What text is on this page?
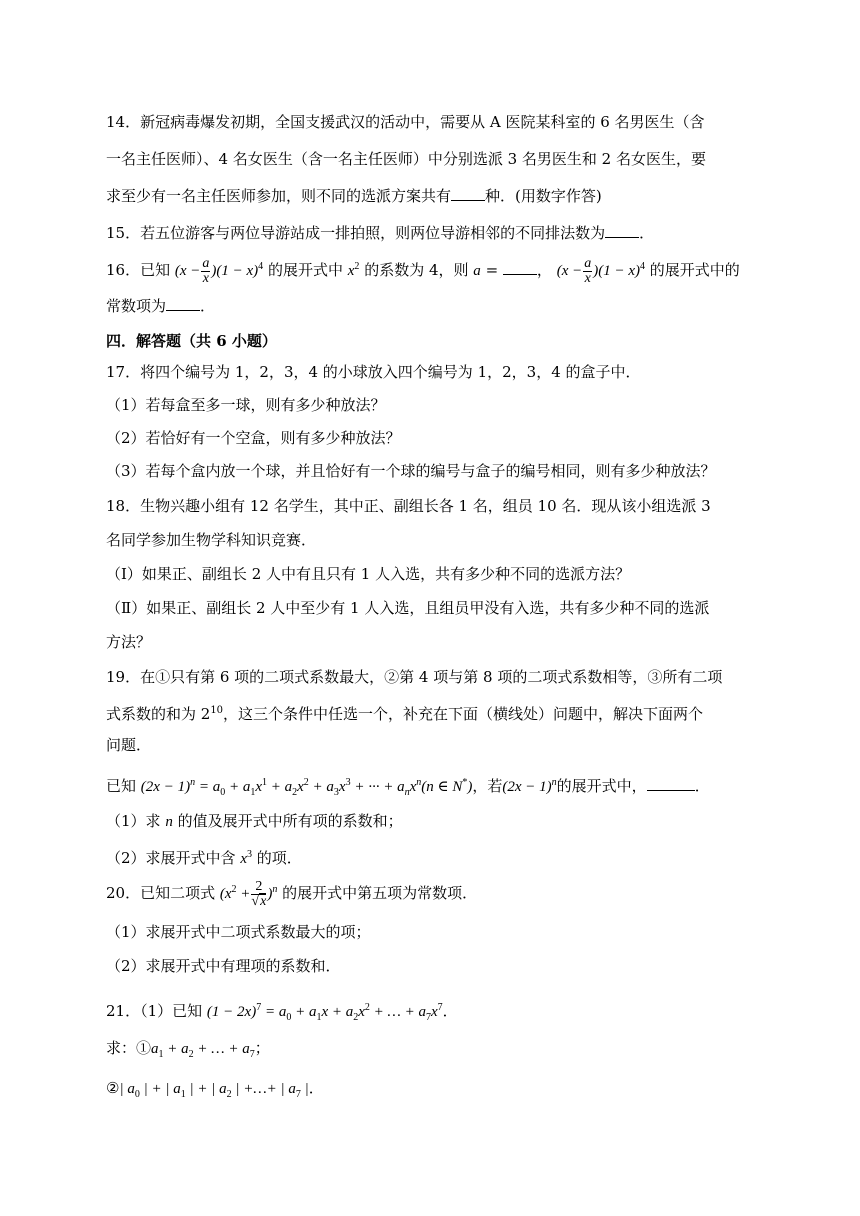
14．新冠病毒爆发初期，全国支援武汉的活动中，需要从 A 医院某科室的 6 名男医生（含
一名主任医师）、4 名女医生（含一名主任医师）中分别选派 3 名男医生和 2 名女医生，要
求至少有一名主任医师参加，则不同的选派方案共有 种．(用数字作答)
15．若五位游客与两位导游站成一排拍照，则两位导游相邻的不同排法数为 ．
16．已知 $(x - \frac{a}{x} )(1 - x)^4$ 的展开式中 $x^2$ 的系数为 4，则 a = ， $(x - \frac{a}{x} )(1 - x)^4$ 的展开式中的
常数项为 ．
四．解答题（共 6 小题）
17．将四个编号为 1，2，3，4 的小球放入四个编号为 1，2，3，4 的盒子中．
（1）若每盒至多一球，则有多少种放法？
（2）若恰好有一个空盒，则有多少种放法？
（3）若每个盒内放一个球，并且恰好有一个球的编号与盒子的编号相同，则有多少种放法？
18．生物兴趣小组有 12 名学生，其中正、副组长各 1 名，组员 10 名．现从该小组选派 3
名同学参加生物学科知识竞赛．
（Ⅰ）如果正、副组长 2 人中有且只有 1 人入选，共有多少种不同的选派方法？
（Ⅱ）如果正、副组长 2 人中至少有 1 人入选，且组员甲没有入选，共有多少种不同的选派
方法？
19．在①只有第 6 项的二项式系数最大，②第 4 项与第 8 项的二项式系数相等，③所有二项
式系数的和为 $2^{10}$，这三个条件中任选一个，补充在下面（横线处）问题中，解决下面两个
问题．
已知 $(2x - 1)^n = a_0 + a_1x^1 + a_2x^2 + a_3x^3$ + ··· + $a_nx^n(n$ ∈ N*)，若$(2x - 1)^n$的展开式中，	．
（1）求 n 的值及展开式中所有项的系数和；
（2）求展开式中含 $x^3$ 的项．
20．已知二项式 $(x^2 + \frac{2}{√x} )^n$ 的展开式中第五项为常数项．
（1）求展开式中二项式系数最大的项；
（2）求展开式中有理项的系数和．
21．（1）已知 $(1 - 2x)^7 = a_0 + a_1x + a_2x^2$ + … + $a_7x^7$．
求：$①a_1 + a_2$ + … + $a_7$；
②| $a_0$ | + | $a_1$ | + | $a_2$ | +…+ | $a_7$ |．
